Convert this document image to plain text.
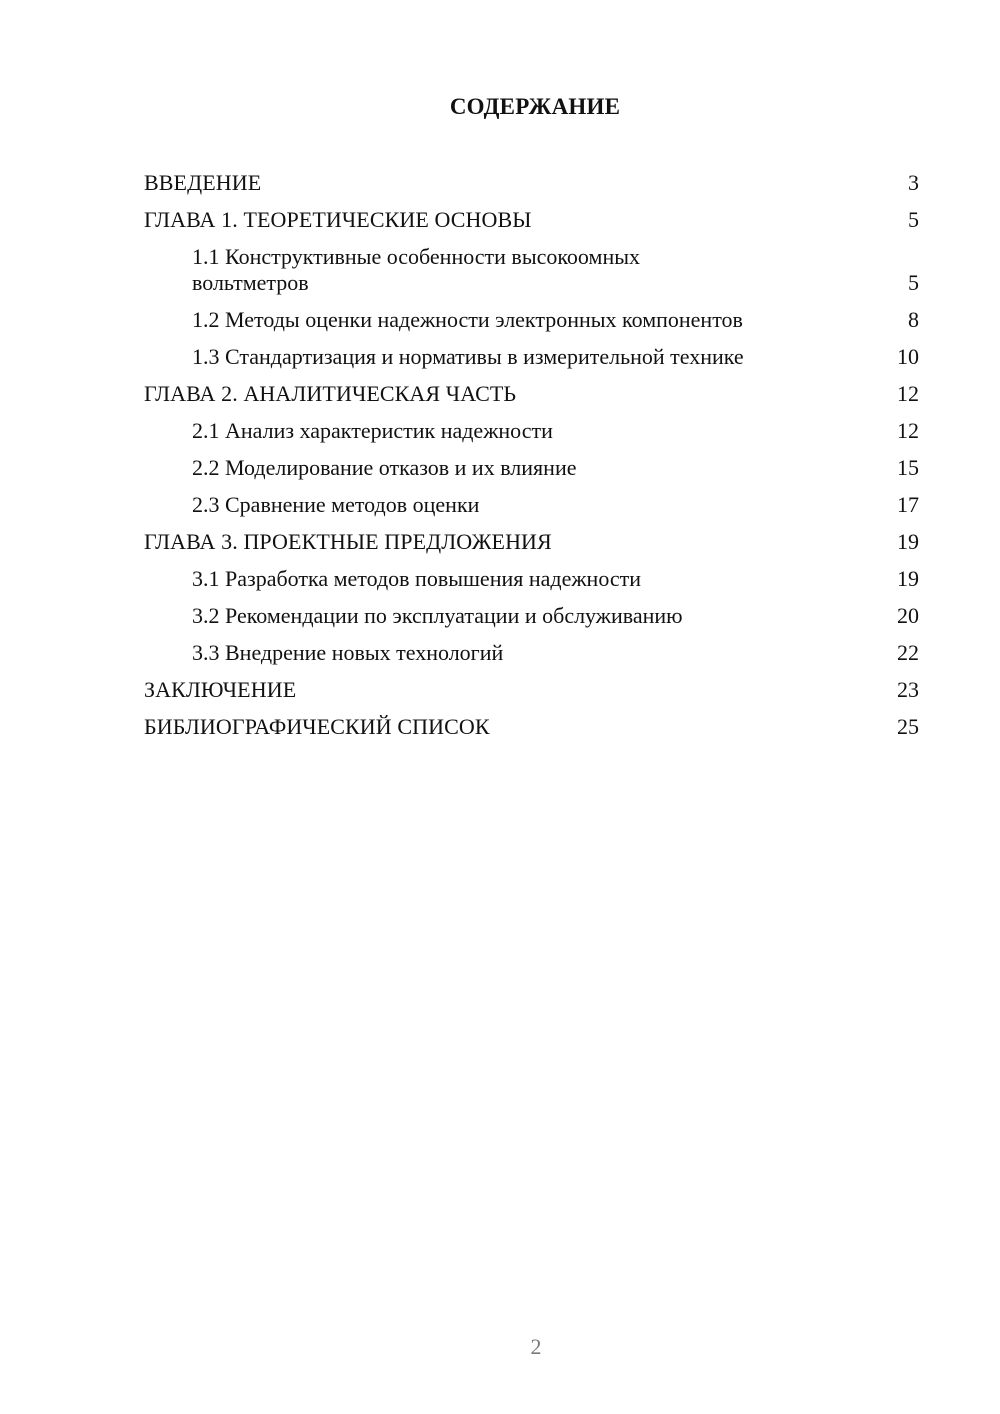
СОДЕРЖАНИЕ
ВВЕДЕНИЕ	3
ГЛАВА 1. ТЕОРЕТИЧЕСКИЕ ОСНОВЫ	5
1.1 Конструктивные особенности высокоомных вольтметров	5
1.2 Методы оценки надежности электронных компонентов	8
1.3 Стандартизация и нормативы в измерительной технике	10
ГЛАВА 2. АНАЛИТИЧЕСКАЯ ЧАСТЬ	12
2.1 Анализ характеристик надежности	12
2.2 Моделирование отказов и их влияние	15
2.3 Сравнение методов оценки	17
ГЛАВА 3. ПРОЕКТНЫЕ ПРЕДЛОЖЕНИЯ	19
3.1 Разработка методов повышения надежности	19
3.2 Рекомендации по эксплуатации и обслуживанию	20
3.3 Внедрение новых технологий	22
ЗАКЛЮЧЕНИЕ	23
БИБЛИОГРАФИЧЕСКИЙ СПИСОК	25
2
